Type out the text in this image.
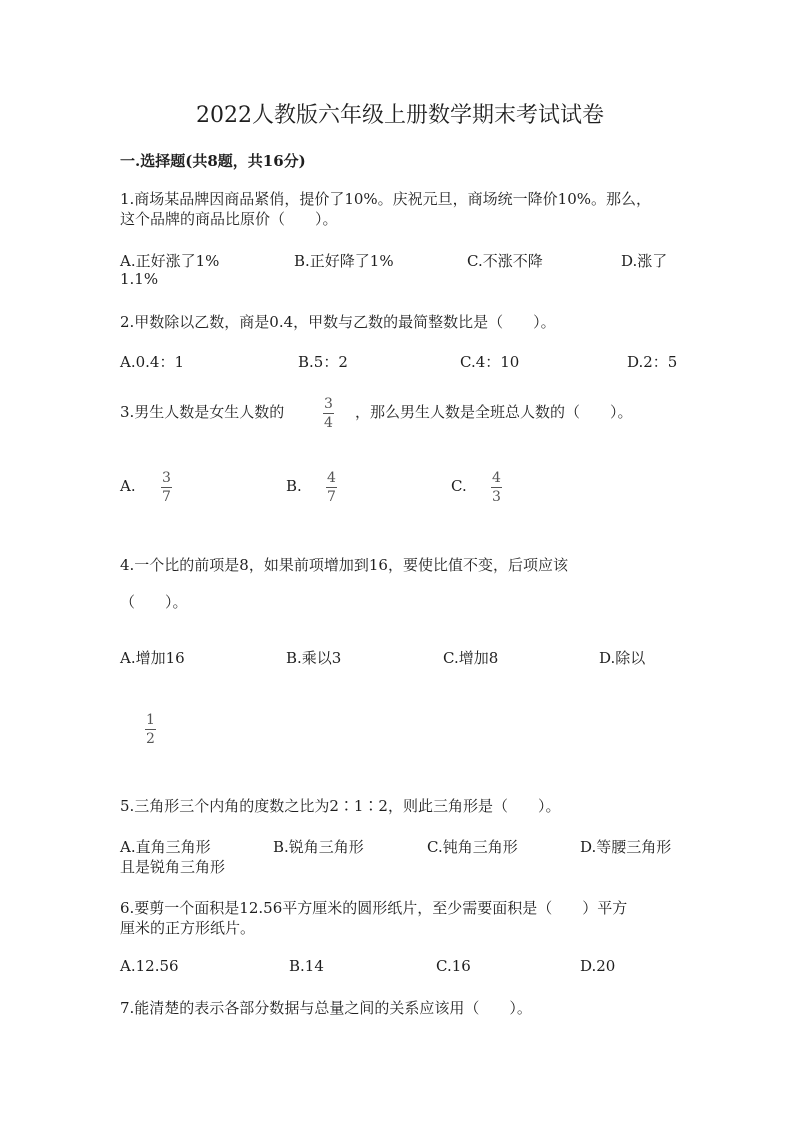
2022人教版六年级上册数学期末考试试卷
一.选择题(共8题，共16分)
1.商场某品牌因商品紧俏，提价了10%。庆祝元旦，商场统一降价10%。那么，
这个品牌的商品比原价（　　）。
A.正好涨了1%	B.正好降了1%	C.不涨不降	D.涨了
1.1%
2.甲数除以乙数，商是0.4，甲数与乙数的最简整数比是（　　）。
A.0.4：1	B.5：2	C.4：10	D.2：5
3.男生人数是女生人数的	3
4
，那么男生人数是全班总人数的（　　）。
A. 3
7
B. 4
7
C. 4
3
4.一个比的前项是8，如果前项增加到16，要使比值不变，后项应该
（　　）。
A.增加16	B.乘以3	C.增加8	D.除以
1
2
5.三角形三个内角的度数之比为2∶1∶2，则此三角形是（　　）。
A.直角三角形	B.锐角三角形	C.钝角三角形	D.等腰三角形
且是锐角三角形
6.要剪一个面积是12.56平方厘米的圆形纸片，至少需要面积是（　　）平方
厘米的正方形纸片。
A.12.56	B.14	C.16	D.20
7.能清楚的表示各部分数据与总量之间的关系应该用（　　）。
